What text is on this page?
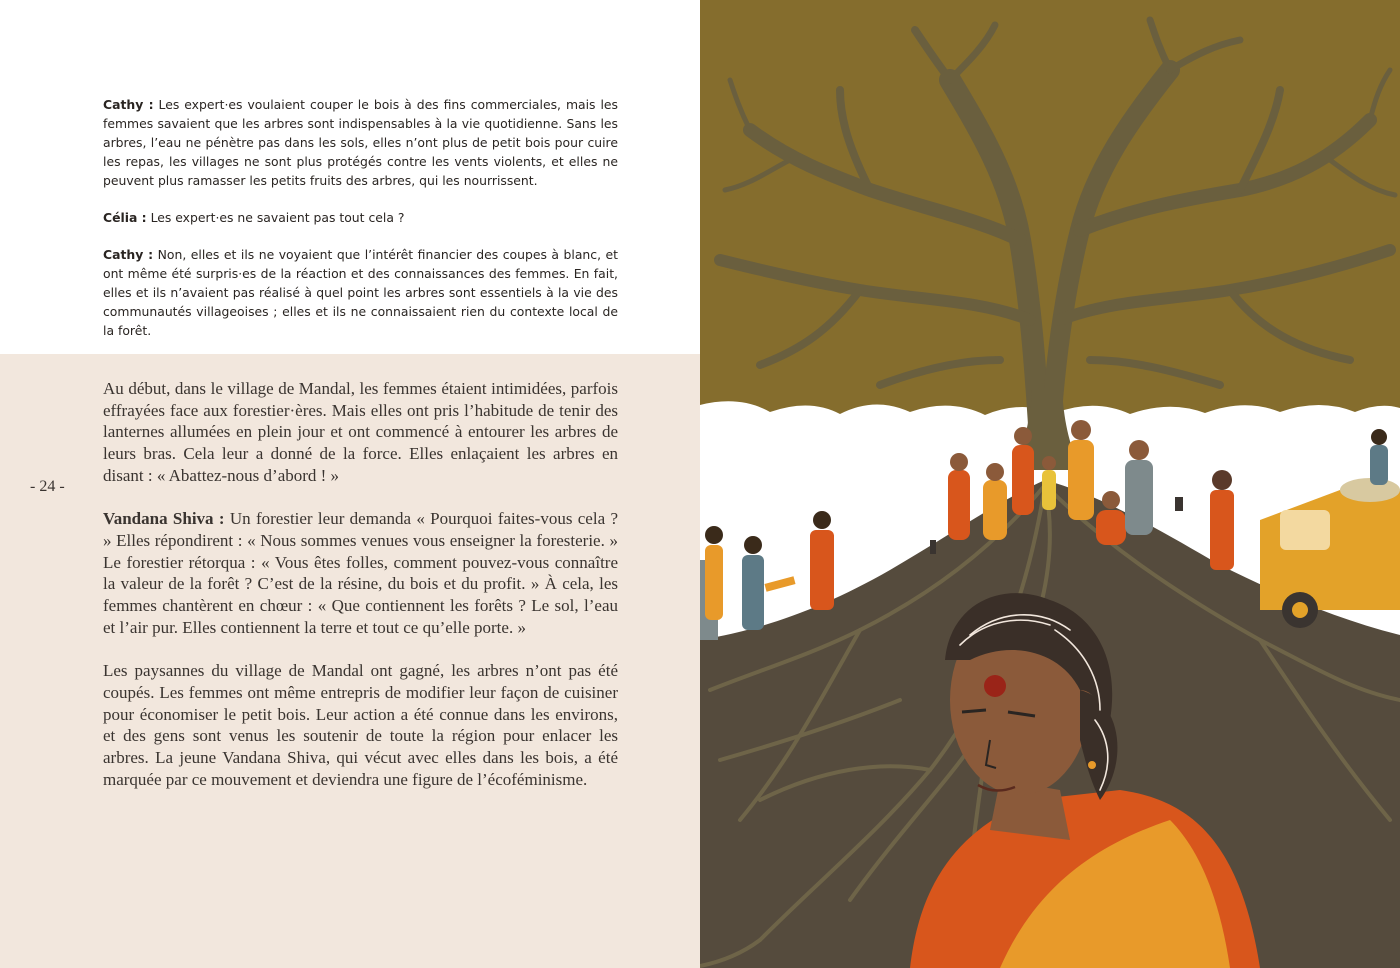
Cathy : Les expert·es voulaient couper le bois à des fins commerciales, mais les femmes savaient que les arbres sont indispensables à la vie quotidienne. Sans les arbres, l’eau ne pénètre pas dans les sols, elles n’ont plus de petit bois pour cuire les repas, les villages ne sont plus protégés contre les vents violents, et elles ne peuvent plus ramasser les petits fruits des arbres, qui les nourrissent.

Célia : Les expert·es ne savaient pas tout cela ?

Cathy : Non, elles et ils ne voyaient que l’intérêt financier des coupes à blanc, et ont même été surpris·es de la réaction et des connaissances des femmes. En fait, elles et ils n’avaient pas réalisé à quel point les arbres sont essentiels à la vie des communautés villageoises ; elles et ils ne connaissaient rien du contexte local de la forêt.

- 24 -

Au début, dans le village de Mandal, les femmes étaient intimidées, parfois effrayées face aux forestier·ères. Mais elles ont pris l’habitude de tenir des lanternes allumées en plein jour et ont commencé à entourer les arbres de leurs bras. Cela leur a donné de la force. Elles enlaçaient les arbres en disant : « Abattez-nous d’abord ! »

Vandana Shiva : Un forestier leur demanda « Pourquoi faites-vous cela ? » Elles répondirent : « Nous sommes venues vous enseigner la foresterie. » Le forestier rétorqua : « Vous êtes folles, comment pouvez-vous connaître la valeur de la forêt ? C’est de la résine, du bois et du profit. » À cela, les femmes chantèrent en chœur : « Que contiennent les forêts ? Le sol, l’eau et l’air pur. Elles contiennent la terre et tout ce qu’elle porte. »

Les paysannes du village de Mandal ont gagné, les arbres n’ont pas été coupés. Les femmes ont même entrepris de modifier leur façon de cuisiner pour économiser le petit bois. Leur action a été connue dans les environs, et des gens sont venus les soutenir de toute la région pour enlacer les arbres. La jeune Vandana Shiva, qui vécut avec elles dans les bois, a été marquée par ce mouvement et deviendra une figure de l’écoféminisme.
